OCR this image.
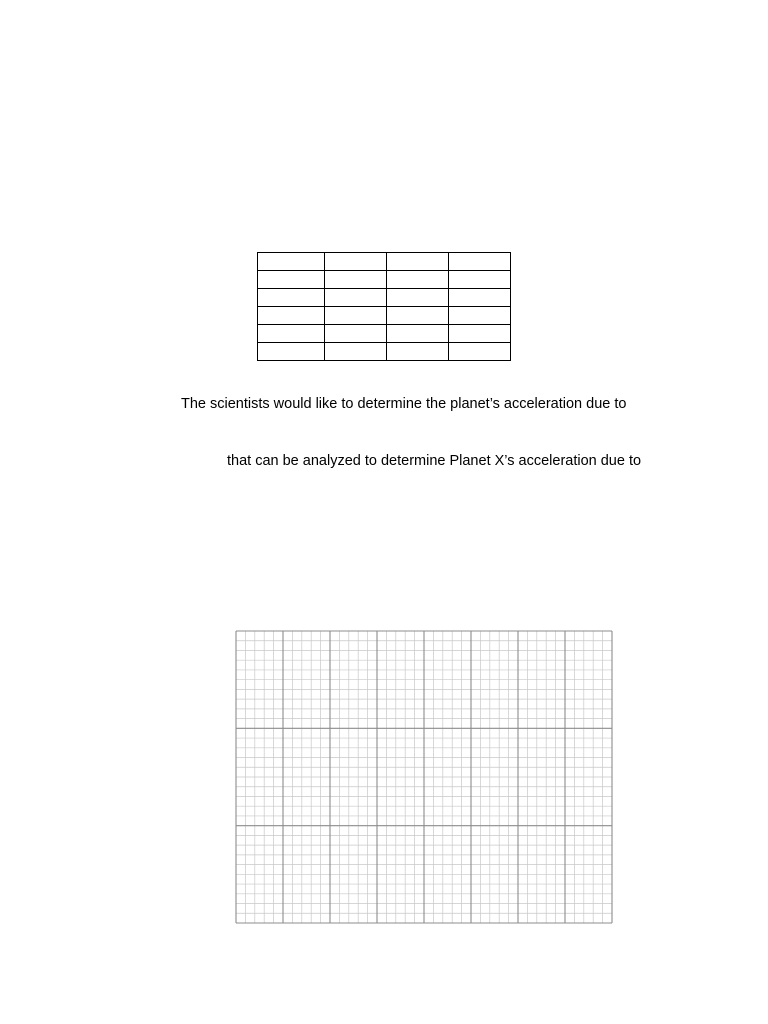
The scientists would like to determine the planet’s acceleration due to
that can be analyzed to determine Planet X’s acceleration due to
